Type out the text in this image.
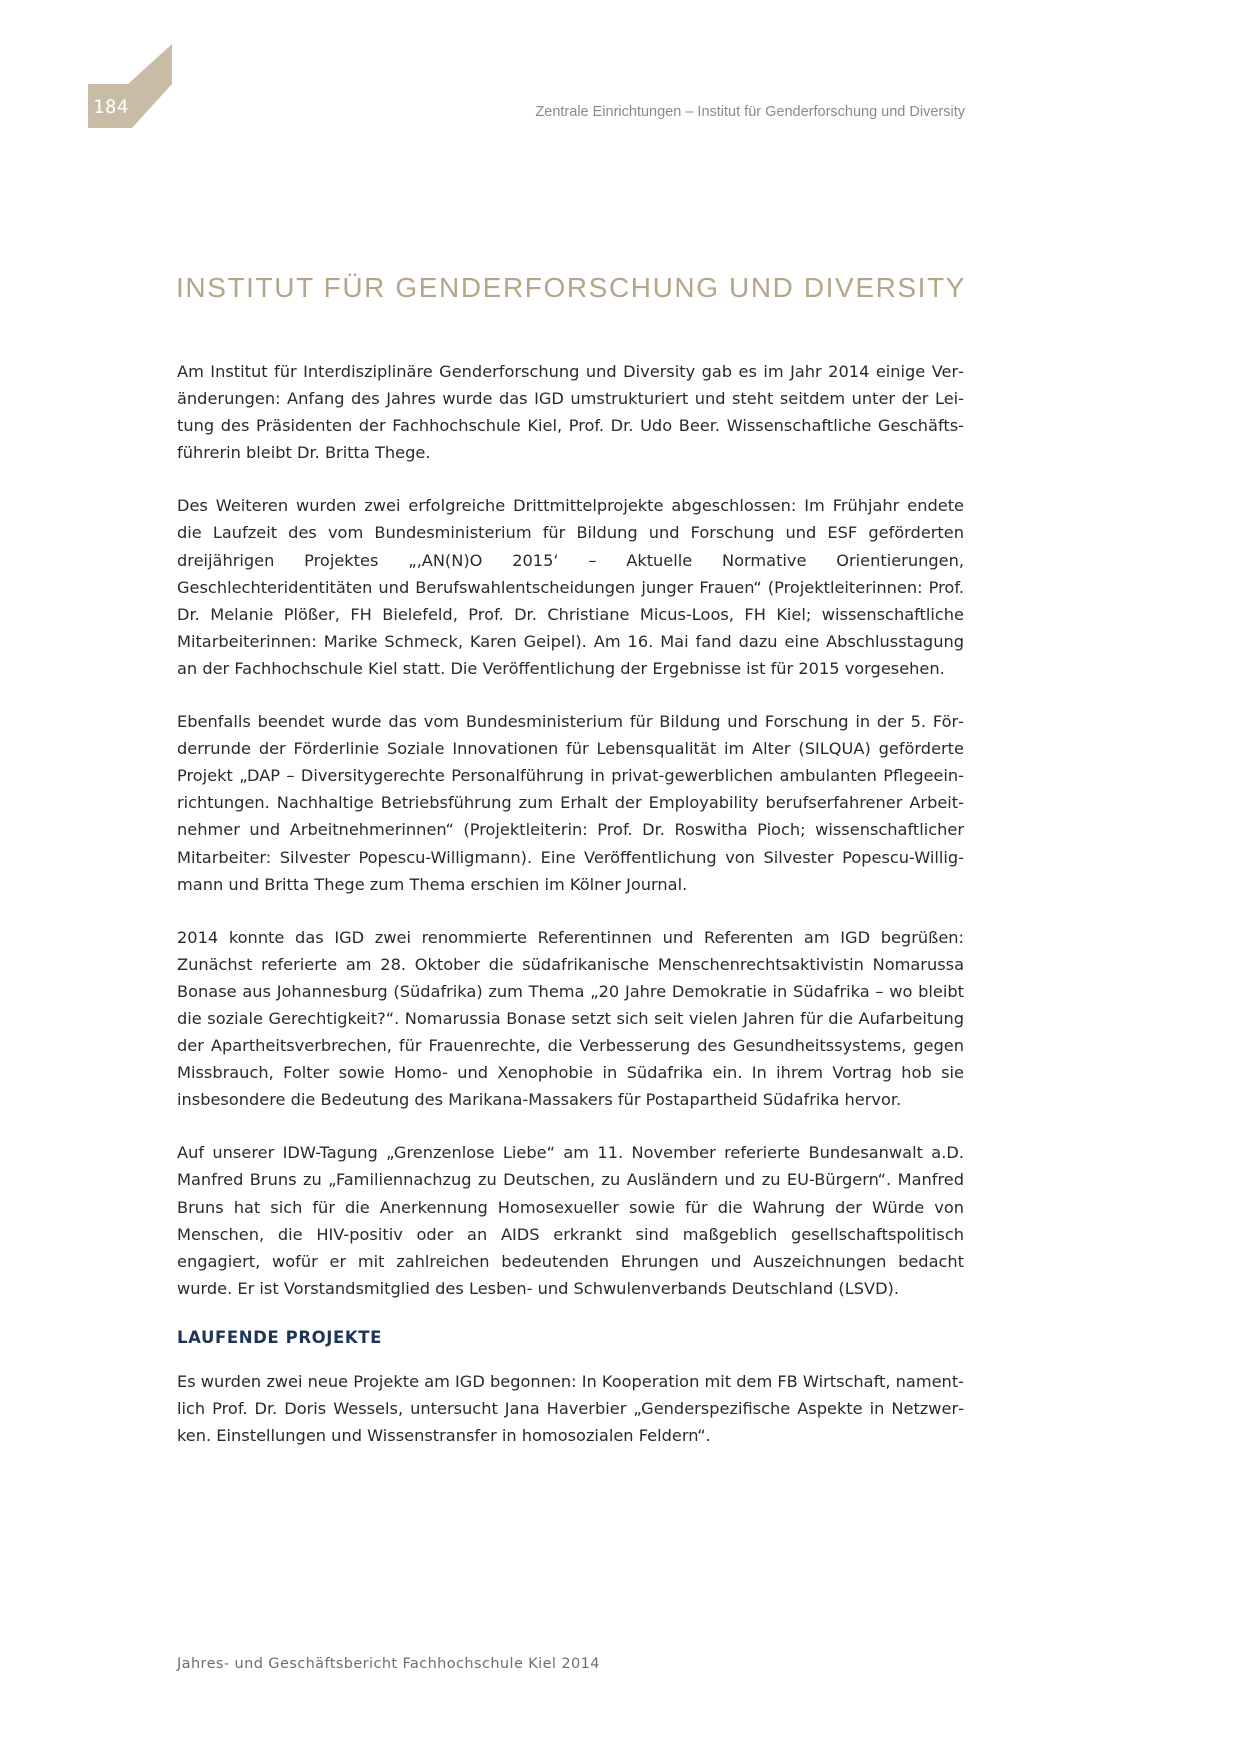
184	Zentrale Einrichtungen – Institut für Genderforschung und Diversity
INSTITUT FÜR GENDERFORSCHUNG UND DIVERSITY

Am Institut für Interdisziplinäre Genderforschung und Diversity gab es im Jahr 2014 einige Veränderungen: Anfang des Jahres wurde das IGD umstrukturiert und steht seitdem unter der Leitung des Präsidenten der Fachhochschule Kiel, Prof. Dr. Udo Beer. Wissenschaftliche Geschäftsführerin bleibt Dr. Britta Thege.

Des Weiteren wurden zwei erfolgreiche Drittmittelprojekte abgeschlossen: Im Frühjahr endete die Laufzeit des vom Bundesministerium für Bildung und Forschung und ESF geförderten dreijährigen Projektes „‚AN(N)O 2015‘ – Aktuelle Normative Orientierungen, Geschlechteridentitäten und Berufswahlentscheidungen junger Frauen“ (Projektleiterinnen: Prof. Dr. Melanie Plößer, FH Bielefeld, Prof. Dr. Christiane Micus-Loos, FH Kiel; wissenschaftliche Mitarbeiterinnen: Marike Schmeck, Karen Geipel). Am 16. Mai fand dazu eine Abschlusstagung an der Fachhochschule Kiel statt. Die Veröffentlichung der Ergebnisse ist für 2015 vorgesehen.

Ebenfalls beendet wurde das vom Bundesministerium für Bildung und Forschung in der 5. Förderrunde der Förderlinie Soziale Innovationen für Lebensqualität im Alter (SILQUA) geförderte Projekt „DAP – Diversitygerechte Personalführung in privat-gewerblichen ambulanten Pflegeeinrichtungen. Nachhaltige Betriebsführung zum Erhalt der Employability berufserfahrener Arbeitnehmer und Arbeitnehmerinnen“ (Projektleiterin: Prof. Dr. Roswitha Pioch; wissenschaftlicher Mitarbeiter: Silvester Popescu-Willigmann). Eine Veröffentlichung von Silvester Popescu-Willigmann und Britta Thege zum Thema erschien im Kölner Journal.

2014 konnte das IGD zwei renommierte Referentinnen und Referenten am IGD begrüßen: Zunächst referierte am 28. Oktober die südafrikanische Menschenrechtsaktivistin Nomarussa Bonase aus Johannesburg (Südafrika) zum Thema „20 Jahre Demokratie in Südafrika – wo bleibt die soziale Gerechtigkeit?“. Nomarussia Bonase setzt sich seit vielen Jahren für die Aufarbeitung der Apartheitsverbrechen, für Frauenrechte, die Verbesserung des Gesundheitssystems, gegen Missbrauch, Folter sowie Homo- und Xenophobie in Südafrika ein. In ihrem Vortrag hob sie insbesondere die Bedeutung des Marikana-Massakers für Postapartheid Südafrika hervor.

Auf unserer IDW-Tagung „Grenzenlose Liebe“ am 11. November referierte Bundesanwalt a.D. Manfred Bruns zu „Familiennachzug zu Deutschen, zu Ausländern und zu EU-Bürgern“. Manfred Bruns hat sich für die Anerkennung Homosexueller sowie für die Wahrung der Würde von Menschen, die HIV-positiv oder an AIDS erkrankt sind maßgeblich gesellschaftspolitisch engagiert, wofür er mit zahlreichen bedeutenden Ehrungen und Auszeichnungen bedacht wurde. Er ist Vorstandsmitglied des Lesben- und Schwulenverbands Deutschland (LSVD).

LAUFENDE PROJEKTE

Es wurden zwei neue Projekte am IGD begonnen: In Kooperation mit dem FB Wirtschaft, namentlich Prof. Dr. Doris Wessels, untersucht Jana Haverbier „Genderspezifische Aspekte in Netzwerken. Einstellungen und Wissenstransfer in homosozialen Feldern“.

Jahres- und Geschäftsbericht Fachhochschule Kiel 2014
